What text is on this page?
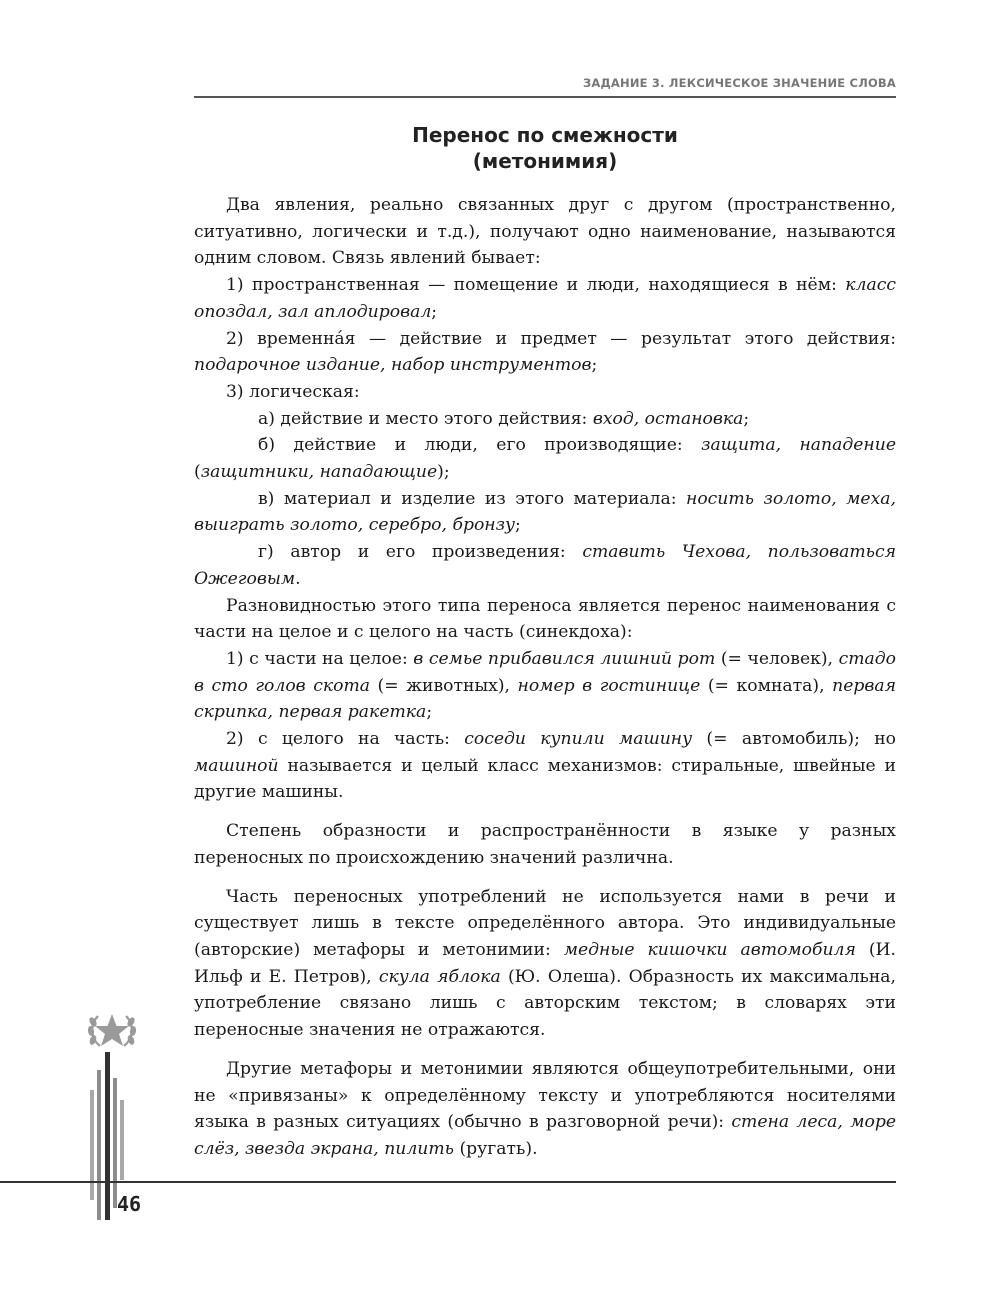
ЗАДАНИЕ 3. ЛЕКСИЧЕСКОЕ ЗНАЧЕНИЕ СЛОВА
Перенос по смежности
(метонимия)

Два явления, реально связанных друг с другом (пространственно, ситуативно, логически и т.д.), получают одно наименование, называются одним словом. Связь явлений бывает:

1) пространственная — помещение и люди, находящиеся в нём: класс опоздал, зал аплодировал;

2) временнáя — действие и предмет — результат этого действия: подарочное издание, набор инструментов;

3) логическая:

а) действие и место этого действия: вход, остановка;

б) действие и люди, его производящие: защита, нападение (защитники, нападающие);

в) материал и изделие из этого материала: носить золото, меха, выиграть золото, серебро, бронзу;

г) автор и его произведения: ставить Чехова, пользоваться Ожеговым.

Разновидностью этого типа переноса является перенос наименования с части на целое и с целого на часть (синекдоха):

1) с части на целое: в семье прибавился лишний рот (= человек), стадо в сто голов скота (= животных), номер в гостинице (= комната), первая скрипка, первая ракетка;

2) с целого на часть: соседи купили машину (= автомобиль); но машиной называется и целый класс механизмов: стиральные, швейные и другие машины.

Степень образности и распространённости в языке у разных переносных по происхождению значений различна.

Часть переносных употреблений не используется нами в речи и существует лишь в тексте определённого автора. Это индивидуальные (авторские) метафоры и метонимии: медные кишочки автомобиля (И. Ильф и Е. Петров), скула яблока (Ю. Олеша). Образность их максимальна, употребление связано лишь с авторским текстом; в словарях эти переносные значения не отражаются.

Другие метафоры и метонимии являются общеупотребительными, они не «привязаны» к определённому тексту и употребляются носителями языка в разных ситуациях (обычно в разговорной речи): стена леса, море слёз, звезда экрана, пилить (ругать).

46
